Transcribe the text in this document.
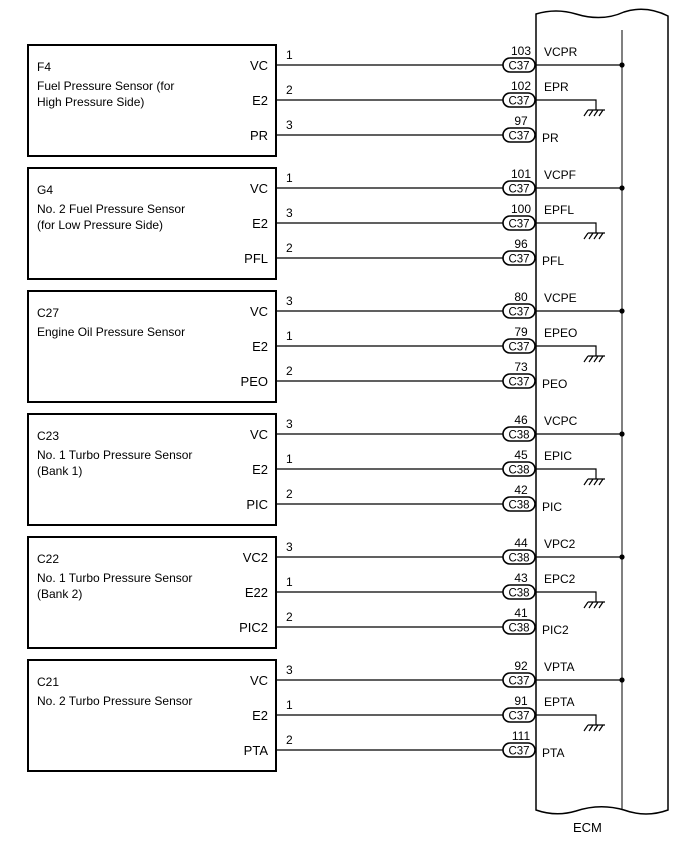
ECM
F4
Fuel Pressure Sensor (for
High Pressure Side)
VC
1
C37
103 VCPR
E2
2
C37
102 EPR
PR
3
C37
97
PR
G4
No. 2 Fuel Pressure Sensor
(for Low Pressure Side)
VC
1
C37
101 VCPF
E2
3
C37
100 EPFL
PFL
2
C37
96
PFL
C27
Engine Oil Pressure Sensor
VC
3
C37
80 VCPE
E2
1
C37
79 EPEO
PEO
2
C37
73
PEO
C23
No. 1 Turbo Pressure Sensor
(Bank 1)
VC
3
C38
46 VCPC
E2
1
C38
45 EPIC
PIC
2
C38
42
PIC
C22
No. 1 Turbo Pressure Sensor
(Bank 2)
VC2
3
C38
44 VPC2
E22
1
C38
43 EPC2
PIC2
2
C38
41
PIC2
C21
No. 2 Turbo Pressure Sensor
VC
3
C37
92 VPTA
E2
1
C37
91 EPTA
PTA
2
C37
111
PTA
